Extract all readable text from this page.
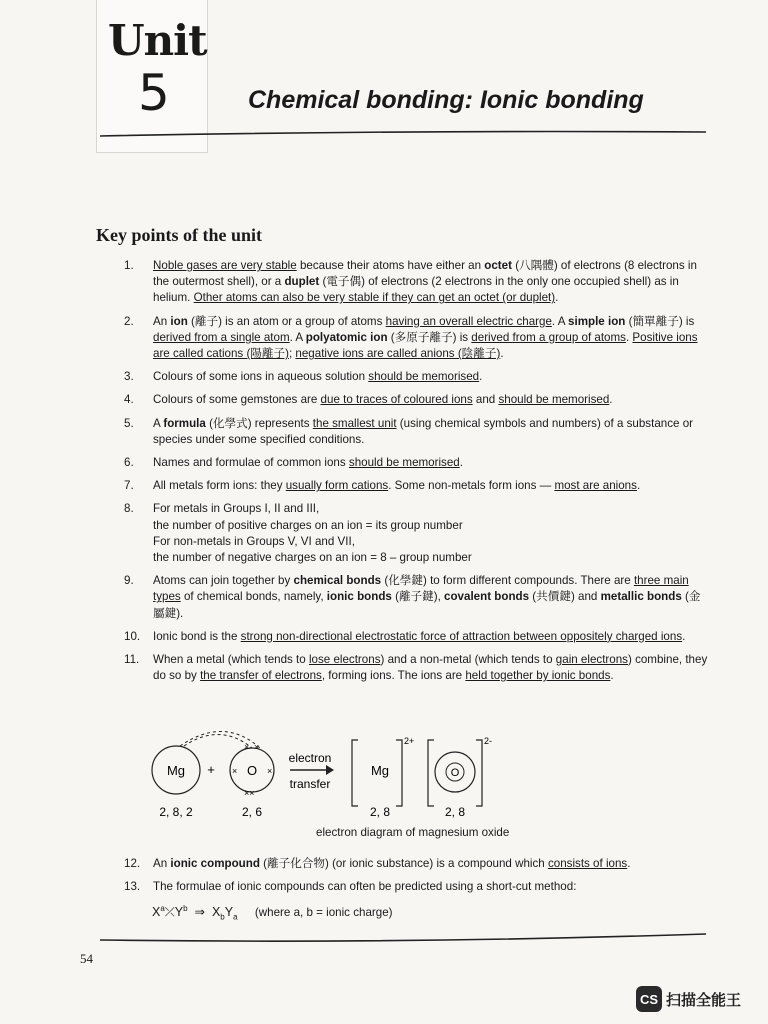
Unit
5	Chemical bonding: Ionic bonding
Key points of the unit
1.	Noble gases are very stable because their atoms have either an octet (八隅體) of electrons (8 electrons in the outermost shell), or a duplet (電子偶) of electrons (2 electrons in the only one occupied shell) as in helium. Other atoms can also be very stable if they can get an octet (or duplet).
2.	An ion (離子) is an atom or a group of atoms having an overall electric charge. A simple ion (簡單離子) is derived from a single atom. A polyatomic ion (多原子離子) is derived from a group of atoms. Positive ions are called cations (陽離子); negative ions are called anions (陰離子).
3.	Colours of some ions in aqueous solution should be memorised.
4.	Colours of some gemstones are due to traces of coloured ions and should be memorised.
5.	A formula (化學式) represents the smallest unit (using chemical symbols and numbers) of a substance or species under some specified conditions.
6.	Names and formulae of common ions should be memorised.
7.	All metals form ions: they usually form cations. Some non-metals form ions — most are anions.
8.	For metals in Groups I, II and III,
the number of positive charges on an ion = its group number
For non-metals in Groups V, VI and VII,
the number of negative charges on an ion = 8 – group number
9.	Atoms can join together by chemical bonds (化學鍵) to form different compounds. There are three main types of chemical bonds, namely, ionic bonds (離子鍵), covalent bonds (共價鍵) and metallic bonds (金屬鍵).
10.	Ionic bond is the strong non-directional electrostatic force of attraction between oppositely charged ions.
11.	When a metal (which tends to lose electrons) and a non-metal (which tends to gain electrons) combine, they do so by the transfer of electrons, forming ions. The ions are held together by ionic bonds.
Mg + O
×	×
× ×
××
electron
transfer
Mg
2+
O
2-
2, 8, 2	2, 6	2, 8	2, 8
electron diagram of magnesium oxide
12.	An ionic compound (離子化合物) (or ionic substance) is a compound which consists of ions.
13.	The formulae of ionic compounds can often be predicted using a short-cut method:
$X^a⤫Y^b$  ⇒  $X_bY_a$ (where a, b = ionic charge)
54
CS 扫描全能王
